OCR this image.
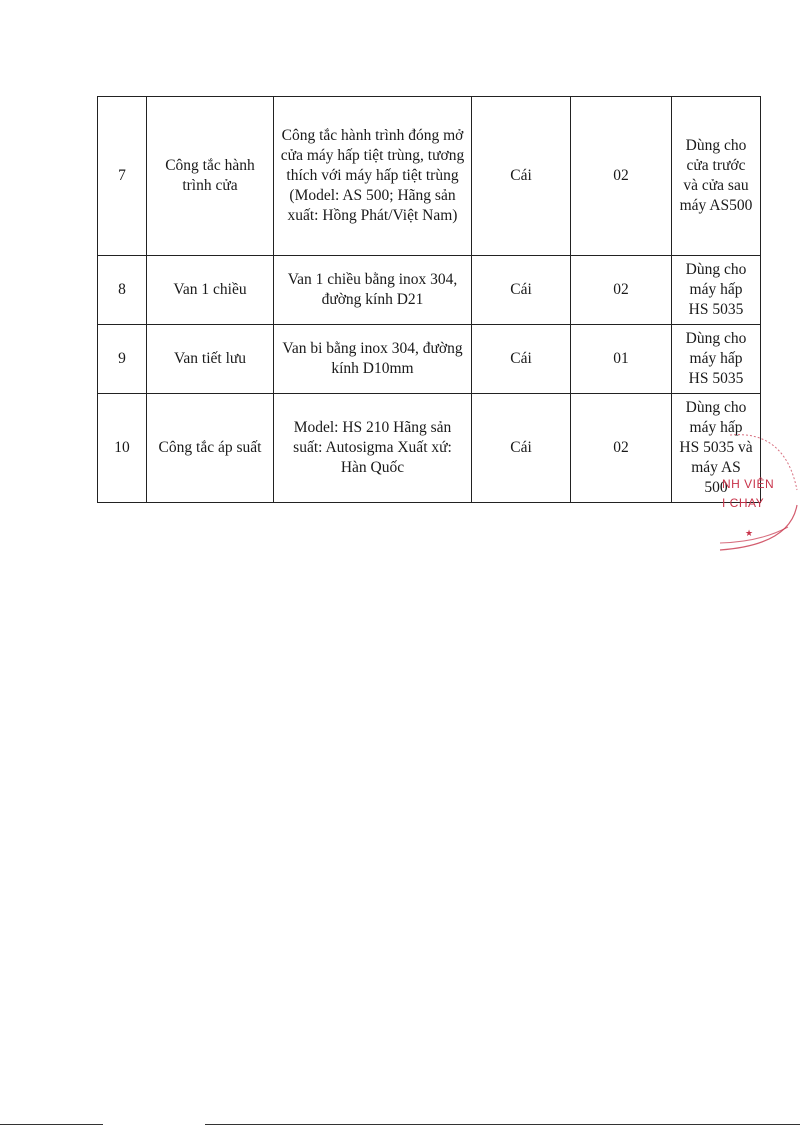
7	Công tắc hành trình cửa	Công tắc hành trình đóng mở cửa máy hấp tiệt trùng, tương thích với máy hấp tiệt trùng (Model: AS 500; Hãng sản xuất: Hồng Phát/Việt Nam)	Cái	02	Dùng cho cửa trước và cửa sau máy AS500
8	Van 1 chiều	Van 1 chiều bằng inox 304, đường kính D21	Cái	02	Dùng cho máy hấp HS 5035
9	Van tiết lưu	Van bi bằng inox 304, đường kính D10mm	Cái	01	Dùng cho máy hấp HS 5035
10	Công tắc áp suất	Model: HS 210 Hãng sản suất: Autosigma Xuất xứ: Hàn Quốc	Cái	02	Dùng cho máy hấp HS 5035 và máy AS 500
★
NH VIÊN
I CHAY
